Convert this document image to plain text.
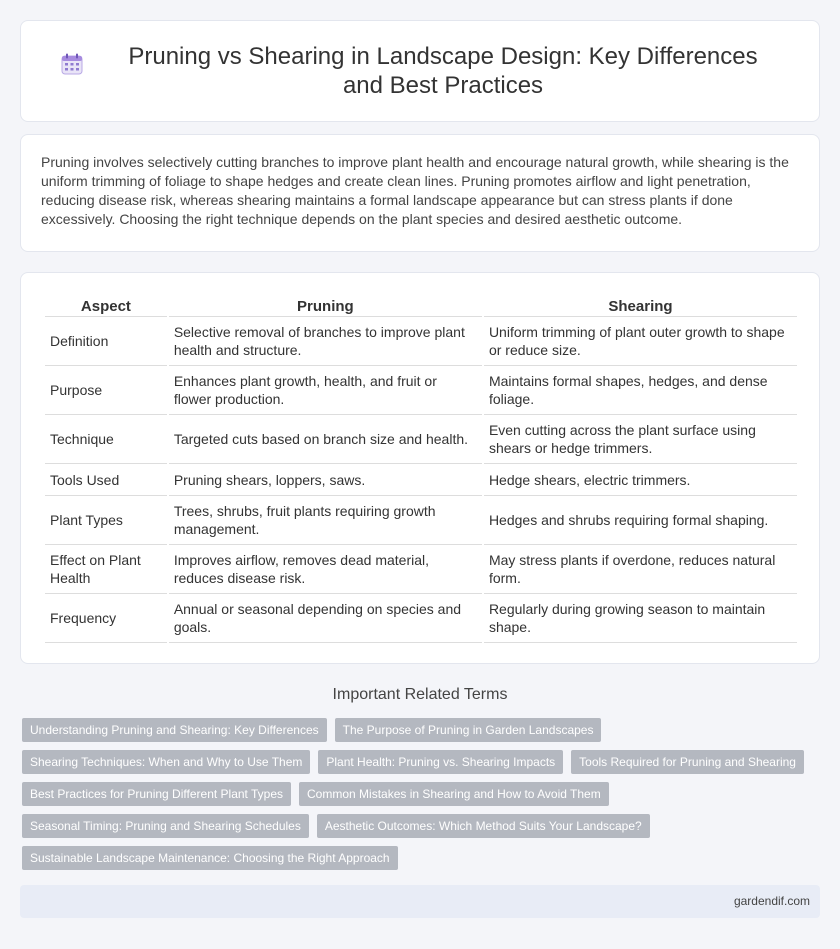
Pruning vs Shearing in Landscape Design: Key Differences and Best Practices

Pruning involves selectively cutting branches to improve plant health and encourage natural growth, while shearing is the uniform trimming of foliage to shape hedges and create clean lines. Pruning promotes airflow and light penetration, reducing disease risk, whereas shearing maintains a formal landscape appearance but can stress plants if done excessively. Choosing the right technique depends on the plant species and desired aesthetic outcome.

Aspect	Pruning	Shearing
Definition	Selective removal of branches to improve plant health and structure.	Uniform trimming of plant outer growth to shape or reduce size.
Purpose	Enhances plant growth, health, and fruit or flower production.	Maintains formal shapes, hedges, and dense foliage.
Technique	Targeted cuts based on branch size and health.	Even cutting across the plant surface using shears or hedge trimmers.
Tools Used	Pruning shears, loppers, saws.	Hedge shears, electric trimmers.
Plant Types	Trees, shrubs, fruit plants requiring growth management.	Hedges and shrubs requiring formal shaping.
Effect on Plant Health	Improves airflow, removes dead material, reduces disease risk.	May stress plants if overdone, reduces natural form.
Frequency	Annual or seasonal depending on species and goals.	Regularly during growing season to maintain shape.
Important Related Terms
Understanding Pruning and Shearing: Key Differences	The Purpose of Pruning in Garden Landscapes
Shearing Techniques: When and Why to Use Them	Plant Health: Pruning vs. Shearing Impacts	Tools Required for Pruning and Shearing
Best Practices for Pruning Different Plant Types	Common Mistakes in Shearing and How to Avoid Them
Seasonal Timing: Pruning and Shearing Schedules	Aesthetic Outcomes: Which Method Suits Your Landscape?
Sustainable Landscape Maintenance: Choosing the Right Approach
gardendif.com
